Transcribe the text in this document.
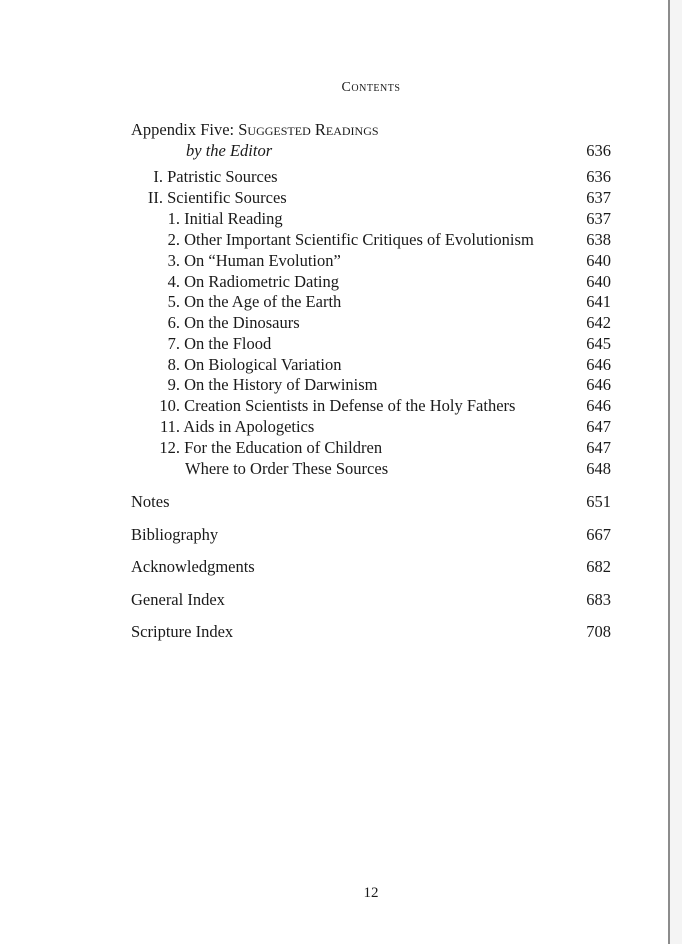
Contents
Appendix Five: Suggested Readings
by the Editor	636
I. Patristic Sources	636
II. Scientific Sources	637
1. Initial Reading	637
2. Other Important Scientific Critiques of Evolutionism	638
3. On “Human Evolution”	640
4. On Radiometric Dating	640
5. On the Age of the Earth	641
6. On the Dinosaurs	642
7. On the Flood	645
8. On Biological Variation	646
9. On the History of Darwinism	646
10. Creation Scientists in Defense of the Holy Fathers	646
11. Aids in Apologetics	647
12. For the Education of Children	647
Where to Order These Sources	648
Notes	651
Bibliography	667
Acknowledgments	682
General Index	683
Scripture Index	708
12
